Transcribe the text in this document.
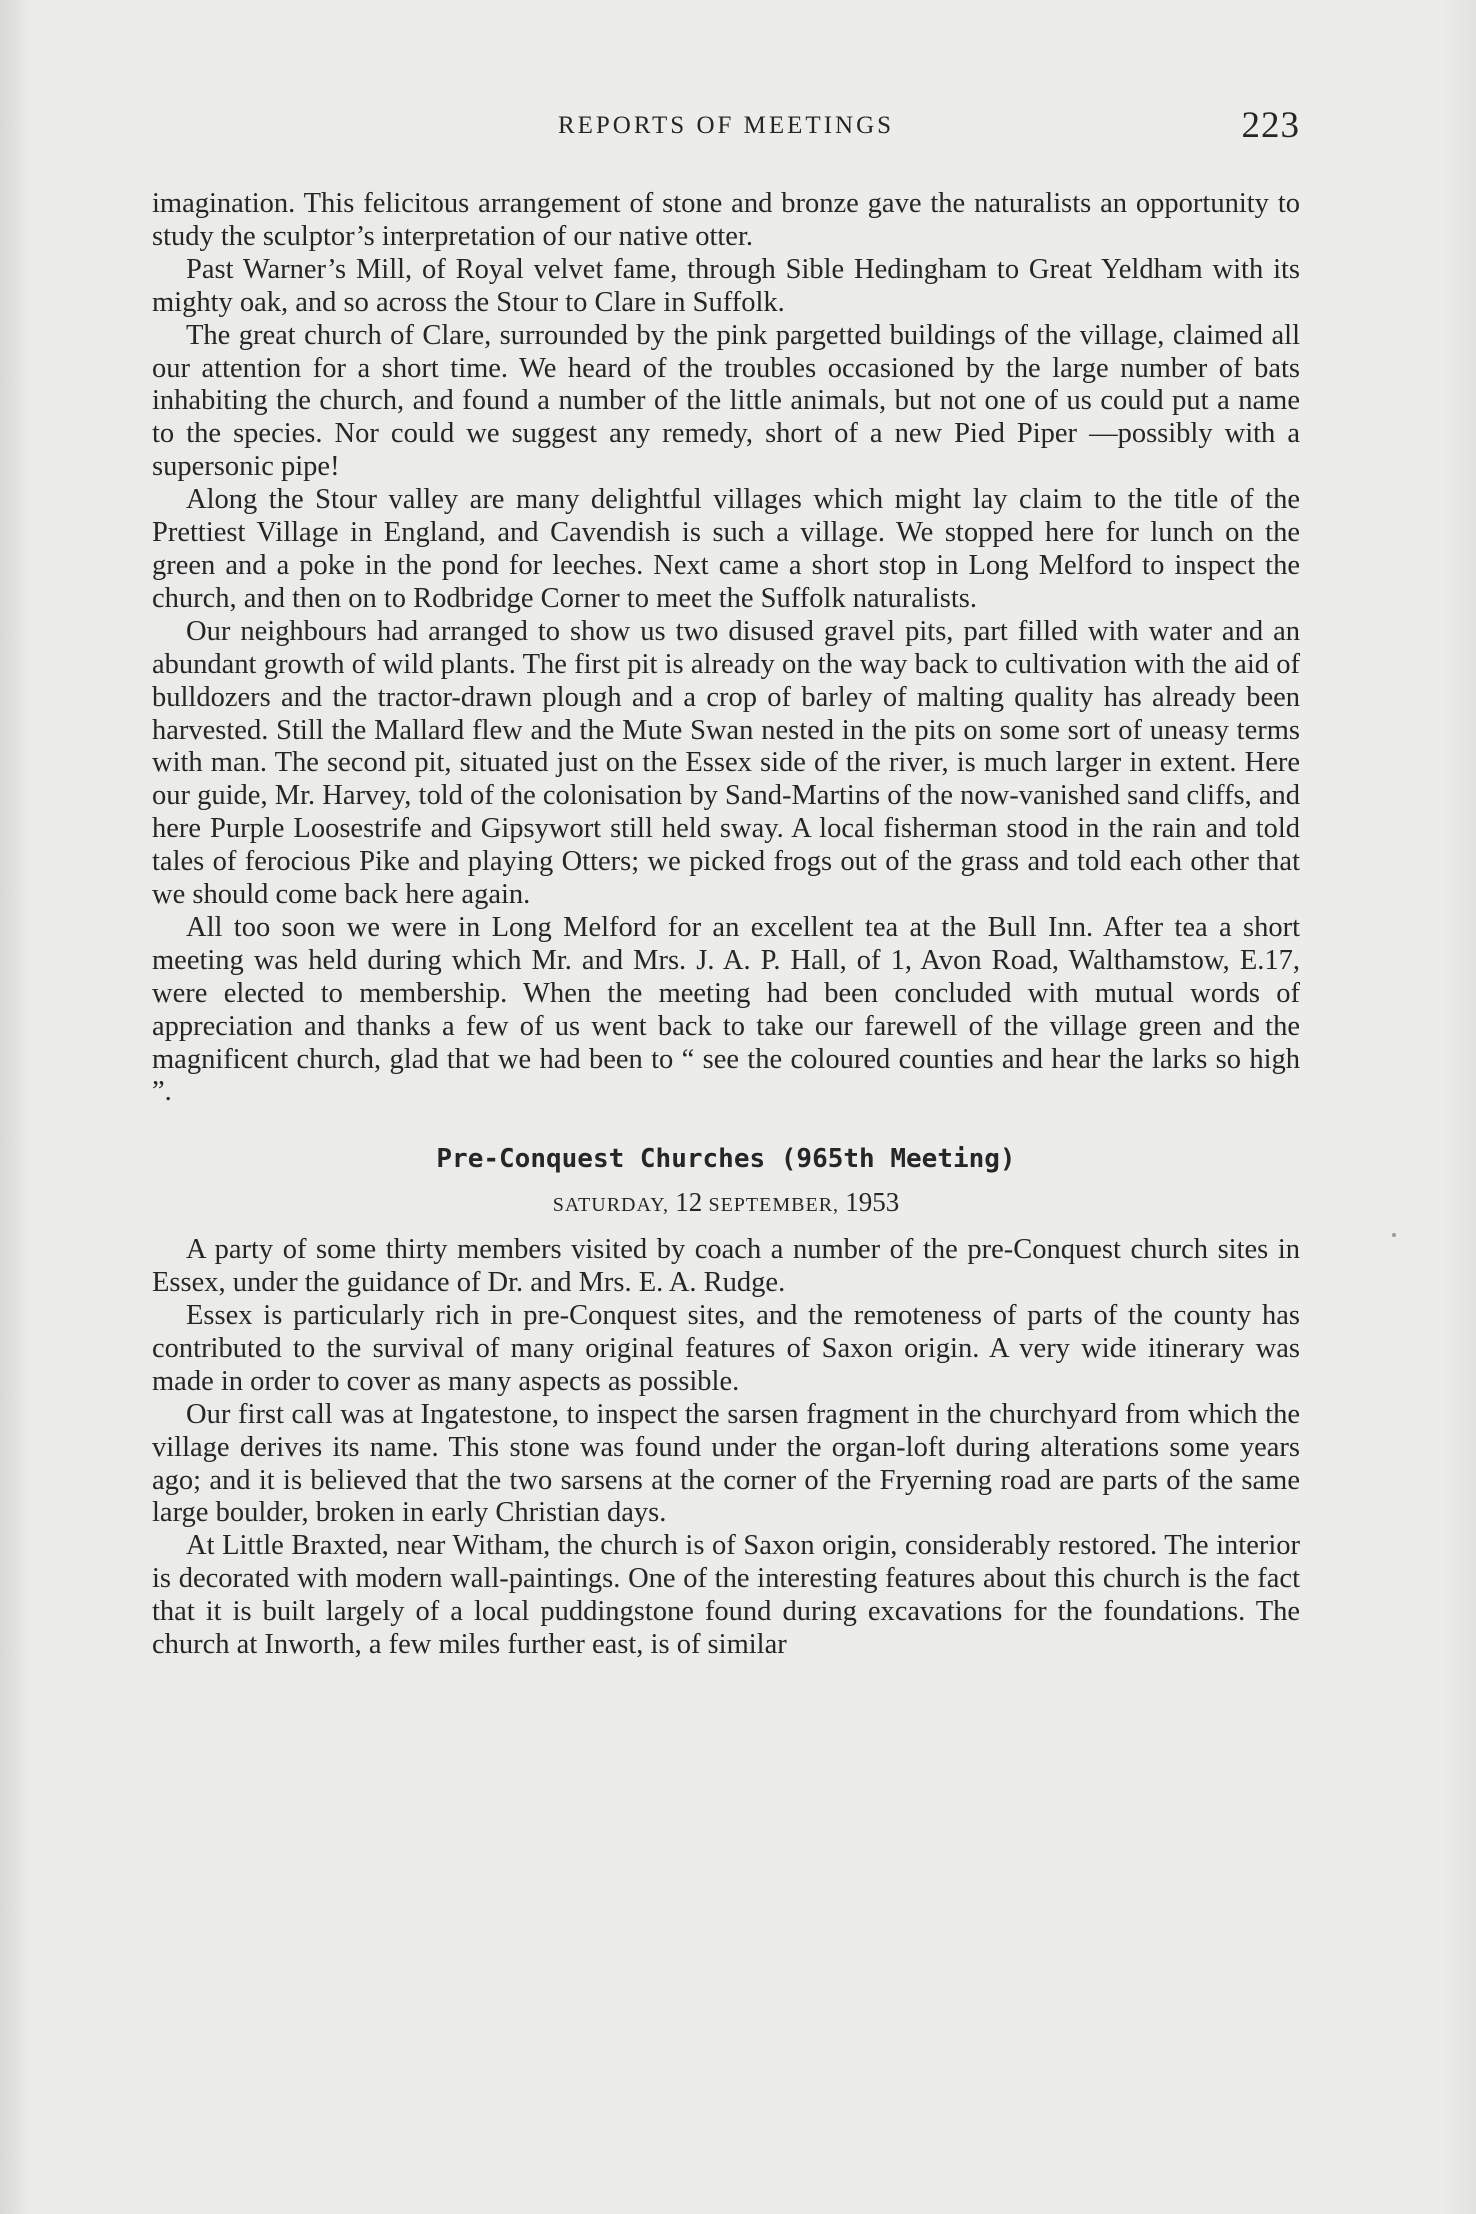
REPORTS OF MEETINGS	223

imagination. This felicitous arrangement of stone and bronze gave the naturalists an opportunity to study the sculptor’s interpretation of our native otter.

Past Warner’s Mill, of Royal velvet fame, through Sible Hedingham to Great Yeldham with its mighty oak, and so across the Stour to Clare in Suffolk.

The great church of Clare, surrounded by the pink pargetted buildings of the village, claimed all our attention for a short time. We heard of the troubles occasioned by the large number of bats inhabiting the church, and found a number of the little animals, but not one of us could put a name to the species. Nor could we suggest any remedy, short of a new Pied Piper —possibly with a supersonic pipe!

Along the Stour valley are many delightful villages which might lay claim to the title of the Prettiest Village in England, and Cavendish is such a village. We stopped here for lunch on the green and a poke in the pond for leeches. Next came a short stop in Long Melford to inspect the church, and then on to Rodbridge Corner to meet the Suffolk naturalists.

Our neighbours had arranged to show us two disused gravel pits, part filled with water and an abundant growth of wild plants. The first pit is already on the way back to cultivation with the aid of bulldozers and the tractor-drawn plough and a crop of barley of malting quality has already been harvested. Still the Mallard flew and the Mute Swan nested in the pits on some sort of uneasy terms with man. The second pit, situated just on the Essex side of the river, is much larger in extent. Here our guide, Mr. Harvey, told of the colonisation by Sand-Martins of the now-vanished sand cliffs, and here Purple Loosestrife and Gipsywort still held sway. A local fisherman stood in the rain and told tales of ferocious Pike and playing Otters; we picked frogs out of the grass and told each other that we should come back here again.

All too soon we were in Long Melford for an excellent tea at the Bull Inn. After tea a short meeting was held during which Mr. and Mrs. J. A. P. Hall, of 1, Avon Road, Walthamstow, E.17, were elected to membership. When the meeting had been concluded with mutual words of appreciation and thanks a few of us went back to take our farewell of the village green and the magnificent church, glad that we had been to “ see the coloured counties and hear the larks so high ”.

Pre-Conquest Churches (965th Meeting)
SATURDAY, 12 SEPTEMBER, 1953

A party of some thirty members visited by coach a number of the pre-Conquest church sites in Essex, under the guidance of Dr. and Mrs. E. A. Rudge.

Essex is particularly rich in pre-Conquest sites, and the remoteness of parts of the county has contributed to the survival of many original features of Saxon origin. A very wide itinerary was made in order to cover as many aspects as possible.

Our first call was at Ingatestone, to inspect the sarsen fragment in the churchyard from which the village derives its name. This stone was found under the organ-loft during alterations some years ago; and it is believed that the two sarsens at the corner of the Fryerning road are parts of the same large boulder, broken in early Christian days.

At Little Braxted, near Witham, the church is of Saxon origin, considerably restored. The interior is decorated with modern wall-paintings. One of the interesting features about this church is the fact that it is built largely of a local puddingstone found during excavations for the foundations. The church at Inworth, a few miles further east, is of similar
